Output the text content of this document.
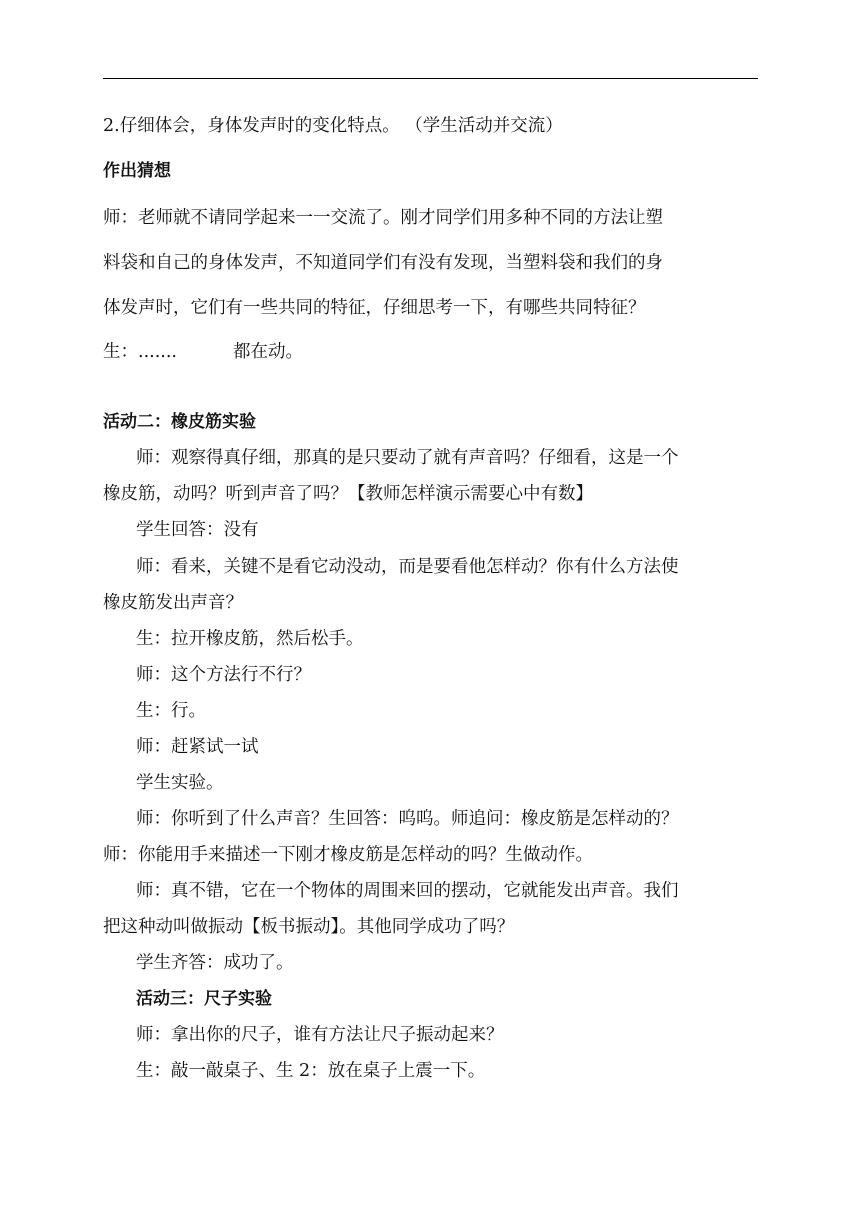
2.仔细体会，身体发声时的变化特点。 （学生活动并交流）
作出猜想
师：老师就不请同学起来一一交流了。刚才同学们用多种不同的方法让塑
料袋和自己的身体发声，不知道同学们有没有发现，当塑料袋和我们的身
体发声时，它们有一些共同的特征，仔细思考一下，有哪些共同特征？
生：.......	都在动。
活动二：橡皮筋实验
师：观察得真仔细，那真的是只要动了就有声音吗？仔细看，这是一个
橡皮筋，动吗？听到声音了吗？【教师怎样演示需要心中有数】
学生回答：没有
师：看来，关键不是看它动没动，而是要看他怎样动？你有什么方法使
橡皮筋发出声音？
生：拉开橡皮筋，然后松手。
师：这个方法行不行？
生：行。
师：赶紧试一试
学生实验。
师：你听到了什么声音？生回答：呜呜。师追问：橡皮筋是怎样动的？
师：你能用手来描述一下刚才橡皮筋是怎样动的吗？生做动作。
师：真不错，它在一个物体的周围来回的摆动，它就能发出声音。我们
把这种动叫做振动【板书振动】。其他同学成功了吗？
学生齐答：成功了。
活动三：尺子实验
师：拿出你的尺子，谁有方法让尺子振动起来？
生：敲一敲桌子、生 2：放在桌子上震一下。
